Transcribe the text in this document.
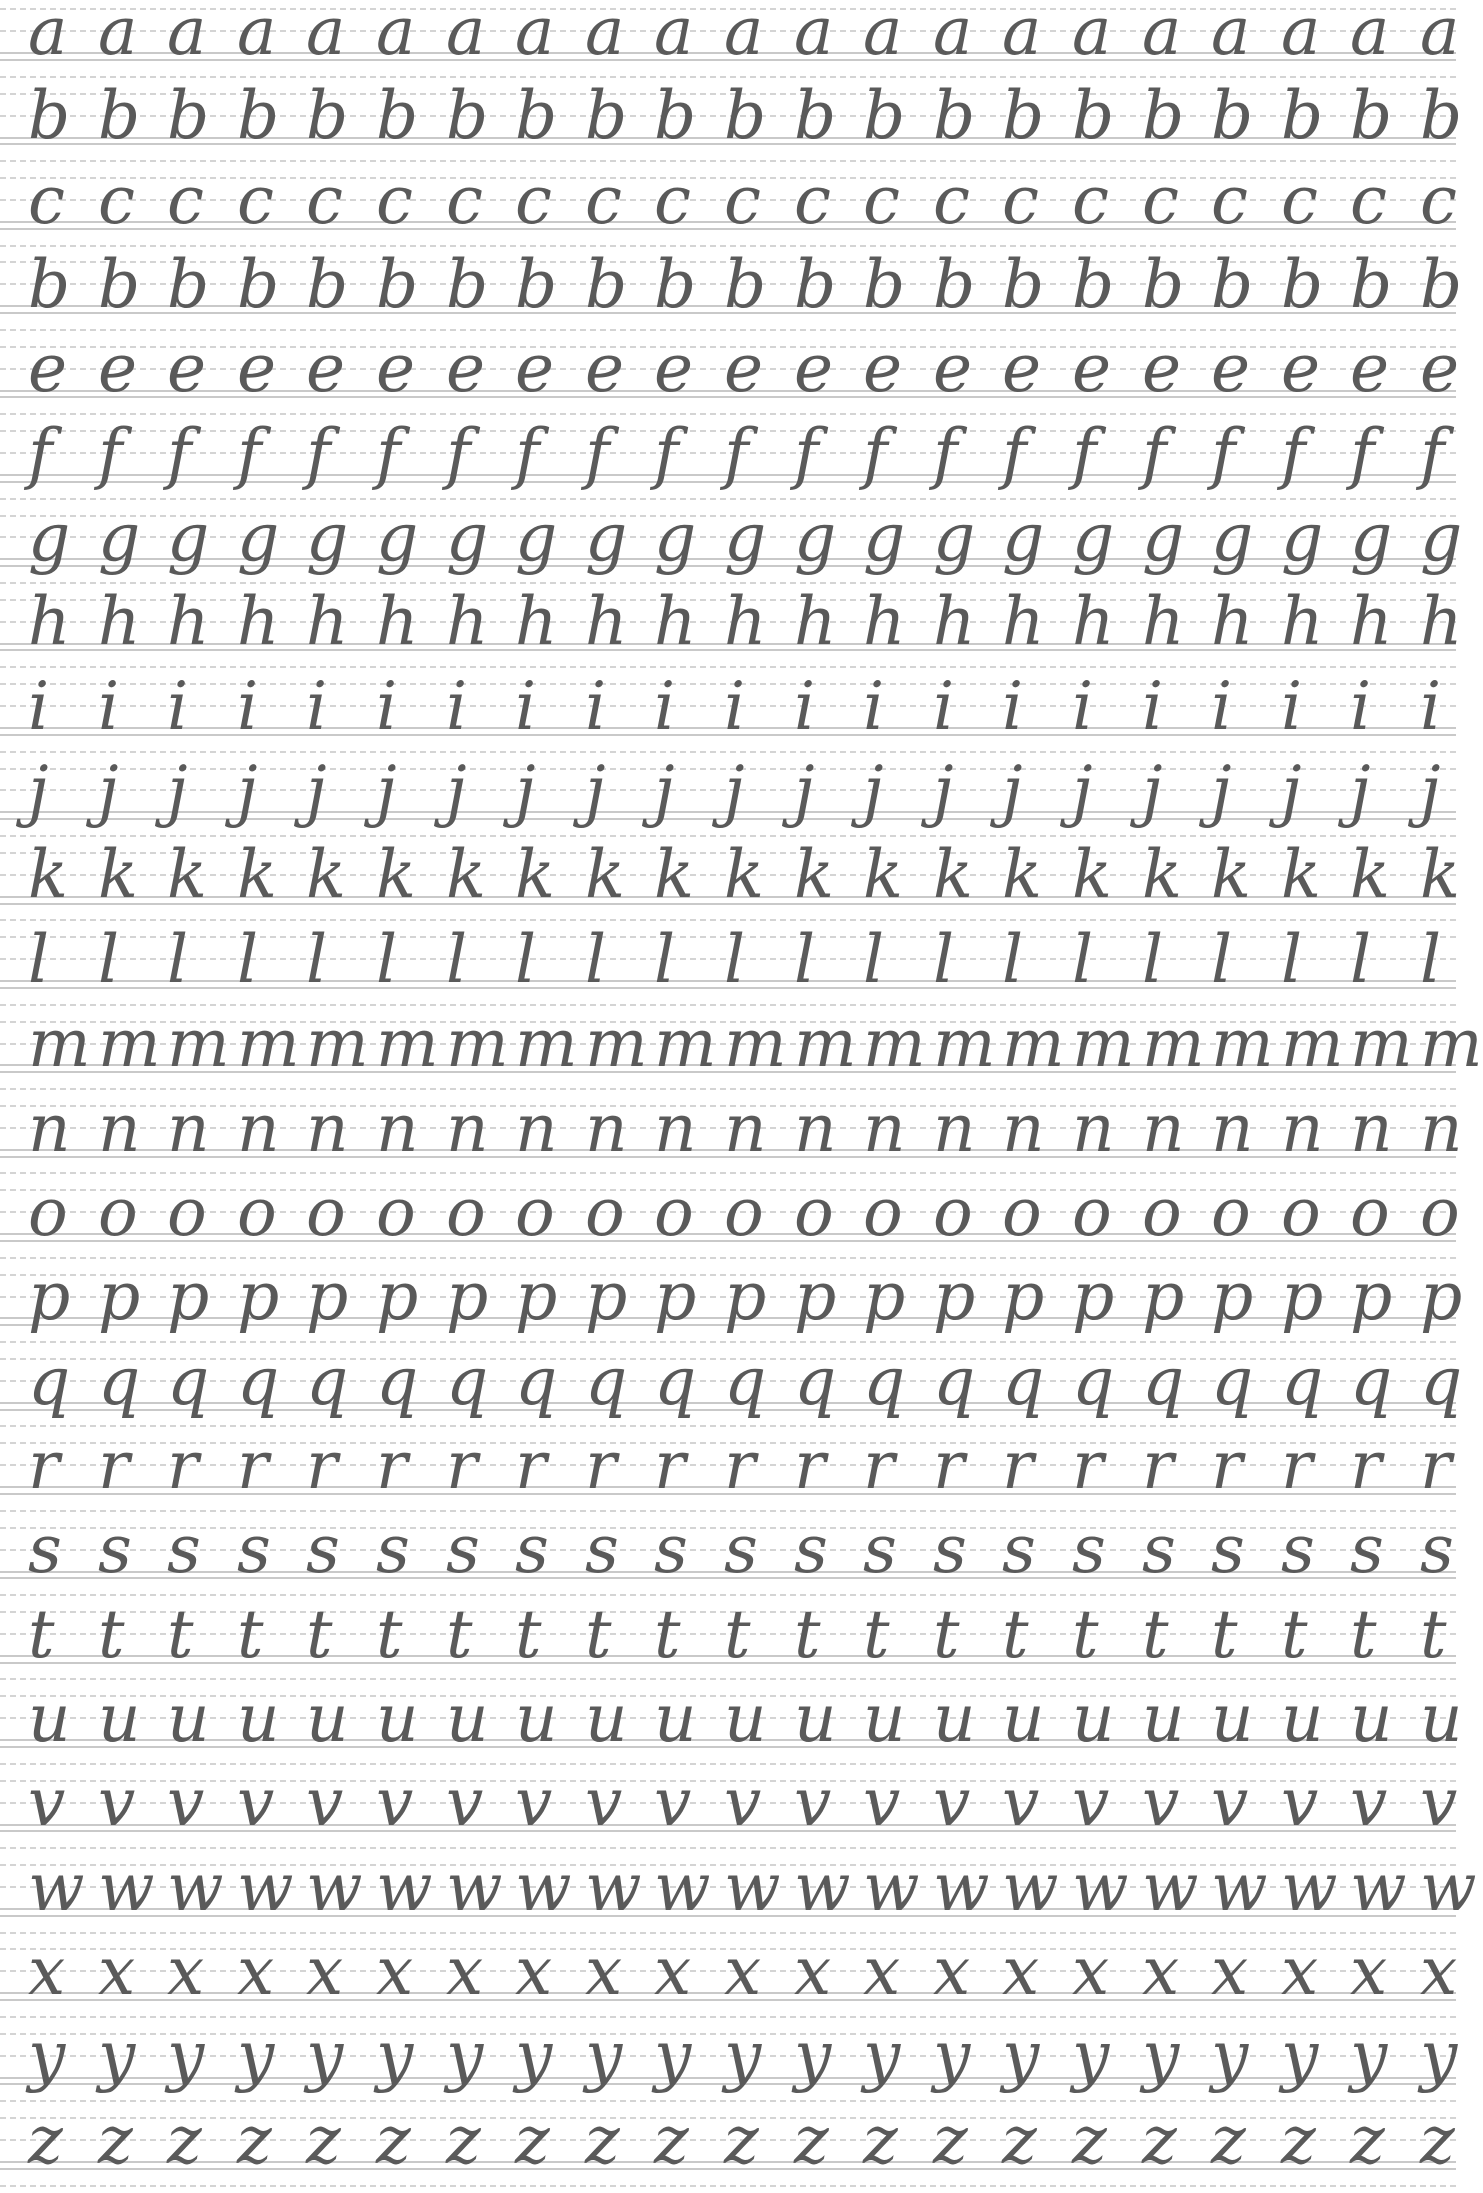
a a a a a a a a a a a a a a a a a a a a a
b b b b b b b b b b b b b b b b b b b b b
c c c c c c c c c c c c c c c c c c c c c
b b b b b b b b b b b b b b b b b b b b b
e e e e e e e e e e e e e e e e e e e e e
f f f f f f f f f f f f f f f f f f f f f
g g g g g g g g g g g g g g g g g g g g g
h h h h h h h h h h h h h h h h h h h h h
i i i i i i i i i i i i i i i i i i i i i
j j j j j j j j j j j j j j j j j j j j j
k k k k k k k k k k k k k k k k k k k k k
l l l l l l l l l l l l l l l l l l l l l
m m m m m m m m m m m m m m m m m m m m m
n n n n n n n n n n n n n n n n n n n n n
o o o o o o o o o o o o o o o o o o o o o
p p p p p p p p p p p p p p p p p p p p p
q q q q q q q q q q q q q q q q q q q q q
r r r r r r r r r r r r r r r r r r r r r
s s s s s s s s s s s s s s s s s s s s s
t t t t t t t t t t t t t t t t t t t t t
u u u u u u u u u u u u u u u u u u u u u
v v v v v v v v v v v v v v v v v v v v v
w w w w w w w w w w w w w w w w w w w w w
x x x x x x x x x x x x x x x x x x x x x
y y y y y y y y y y y y y y y y y y y y y
z z z z z z z z z z z z z z z z z z z z z
